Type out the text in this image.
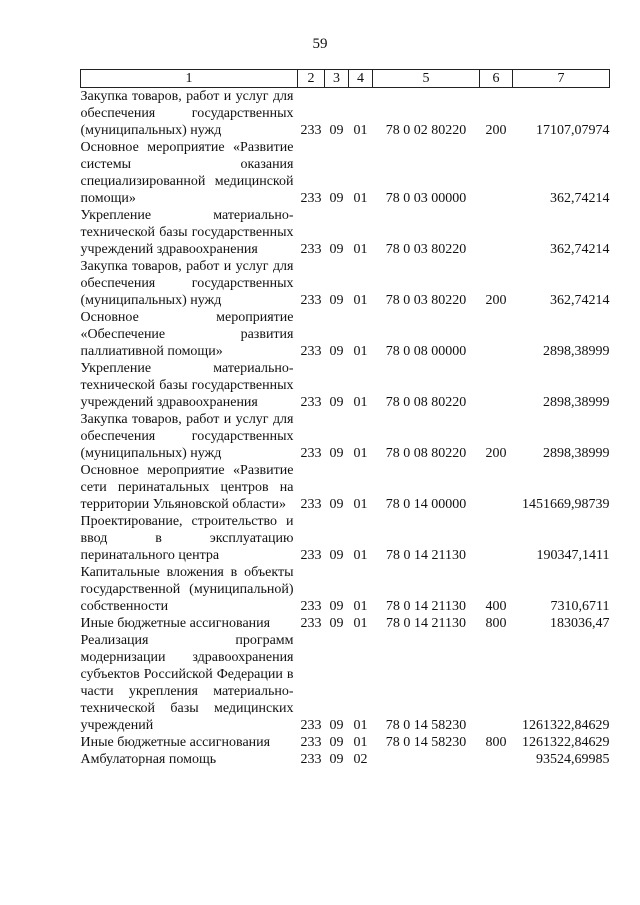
59
1	2	3	4	5	6	7
Закупка товаров, работ и услуг для обеспечения государственных (муниципальных) нужд	233	09	01	78 0 02 80220	200	17107,07974
Основное мероприятие «Развитие системы оказания специализированной медицинской помощи»	233	09	01	78 0 03 00000		362,74214
Укрепление материально-технической базы государственных учреждений здравоохранения	233	09	01	78 0 03 80220		362,74214
Закупка товаров, работ и услуг для обеспечения государственных (муниципальных) нужд	233	09	01	78 0 03 80220	200	362,74214
Основное мероприятие «Обеспечение развития паллиативной помощи»	233	09	01	78 0 08 00000		2898,38999
Укрепление материально-технической базы государственных учреждений здравоохранения	233	09	01	78 0 08 80220		2898,38999
Закупка товаров, работ и услуг для обеспечения государственных (муниципальных) нужд	233	09	01	78 0 08 80220	200	2898,38999
Основное мероприятие «Развитие сети перинатальных центров на территории Ульяновской области»	233	09	01	78 0 14 00000		1451669,98739
Проектирование, строительство и ввод в эксплуатацию перинатального центра	233	09	01	78 0 14 21130		190347,1411
Капитальные вложения в объекты государственной (муниципальной) собственности	233	09	01	78 0 14 21130	400	7310,6711
Иные бюджетные ассигнования	233	09	01	78 0 14 21130	800	183036,47
Реализация программ модернизации здравоохранения субъектов Российской Федерации в части укрепления материально-технической базы медицинских учреждений	233	09	01	78 0 14 58230		1261322,84629
Иные бюджетные ассигнования	233	09	01	78 0 14 58230	800	1261322,84629
Амбулаторная помощь	233	09	02			93524,69985
